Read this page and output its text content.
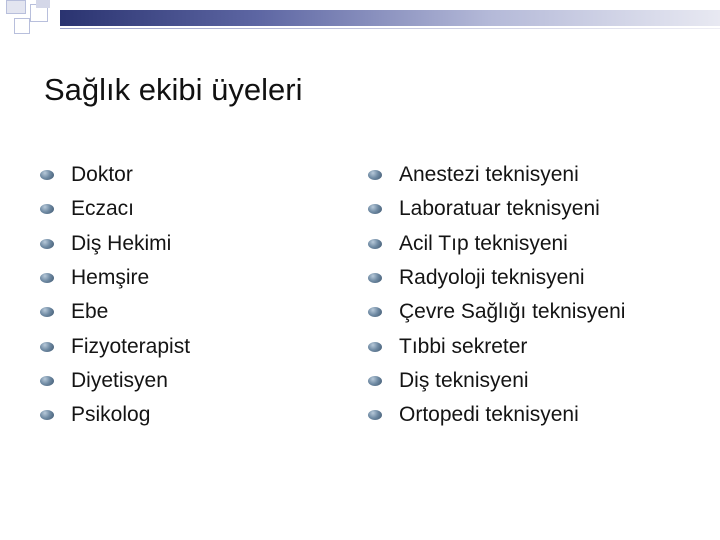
Sağlık ekibi üyeleri
Doktor
Eczacı
Diş Hekimi
Hemşire
Ebe
Fizyoterapist
Diyetisyen
Psikolog
Anestezi teknisyeni
Laboratuar teknisyeni
Acil Tıp teknisyeni
Radyoloji teknisyeni
Çevre Sağlığı teknisyeni
Tıbbi sekreter
Diş teknisyeni
Ortopedi teknisyeni
